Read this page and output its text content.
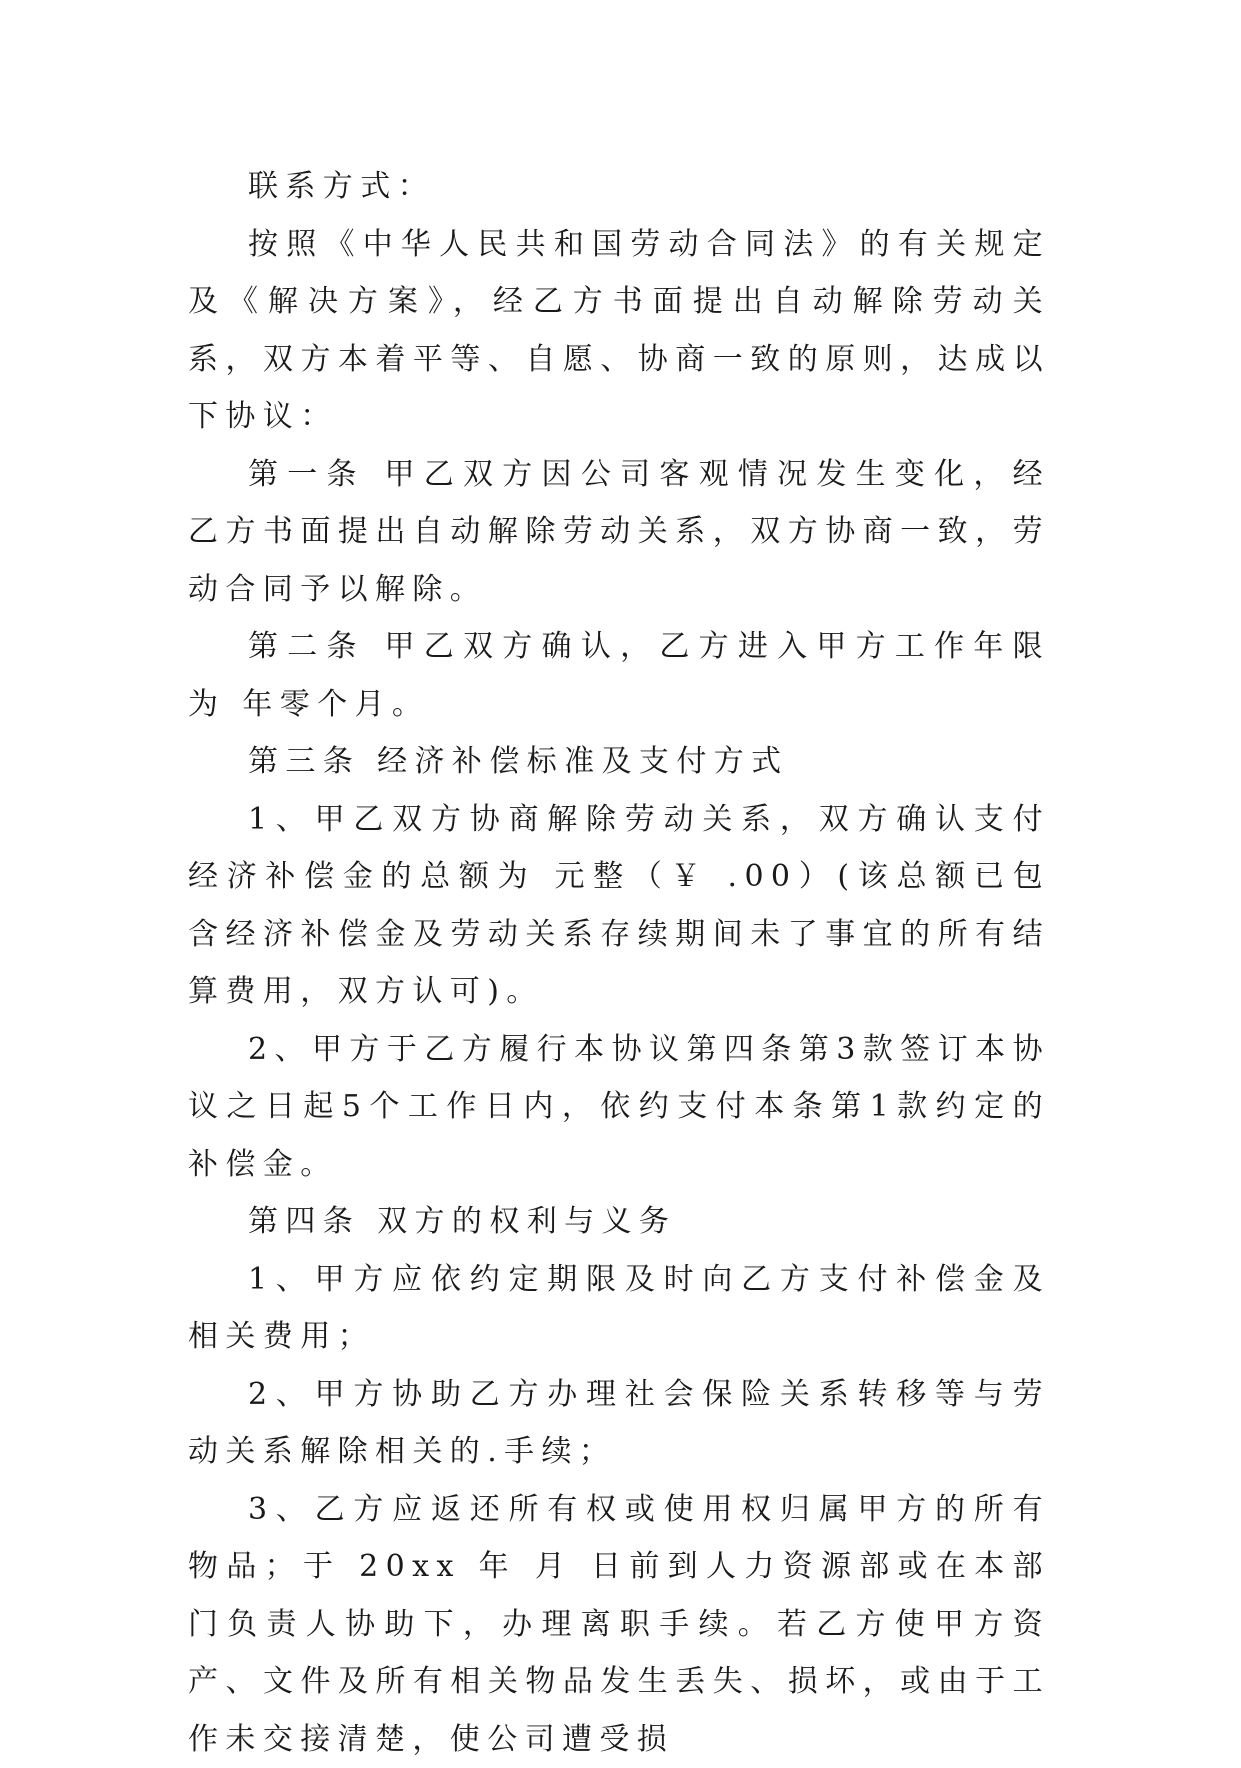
联系方式：

按照《中华人民共和国劳动合同法》的有关规定及《解决方案》，经乙方书面提出自动解除劳动关系，双方本着平等、自愿、协商一致的原则，达成以下协议：

第一条 甲乙双方因公司客观情况发生变化，经乙方书面提出自动解除劳动关系，双方协商一致，劳动合同予以解除。

第二条 甲乙双方确认，乙方进入甲方工作年限为 年零个月。

第三条 经济补偿标准及支付方式

1、甲乙双方协商解除劳动关系，双方确认支付经济补偿金的总额为 元整（￥ .00）(该总额已包含经济补偿金及劳动关系存续期间未了事宜的所有结算费用，双方认可)。

2、甲方于乙方履行本协议第四条第3款签订本协议之日起5个工作日内，依约支付本条第1款约定的补偿金。

第四条 双方的权利与义务

1、甲方应依约定期限及时向乙方支付补偿金及相关费用；

2、甲方协助乙方办理社会保险关系转移等与劳动关系解除相关的.手续；

3、乙方应返还所有权或使用权归属甲方的所有物品；于 20xx 年 月 日前到人力资源部或在本部门负责人协助下，办理离职手续。若乙方使甲方资产、文件及所有相关物品发生丢失、损坏，或由于工作未交接清楚，使公司遭受损
